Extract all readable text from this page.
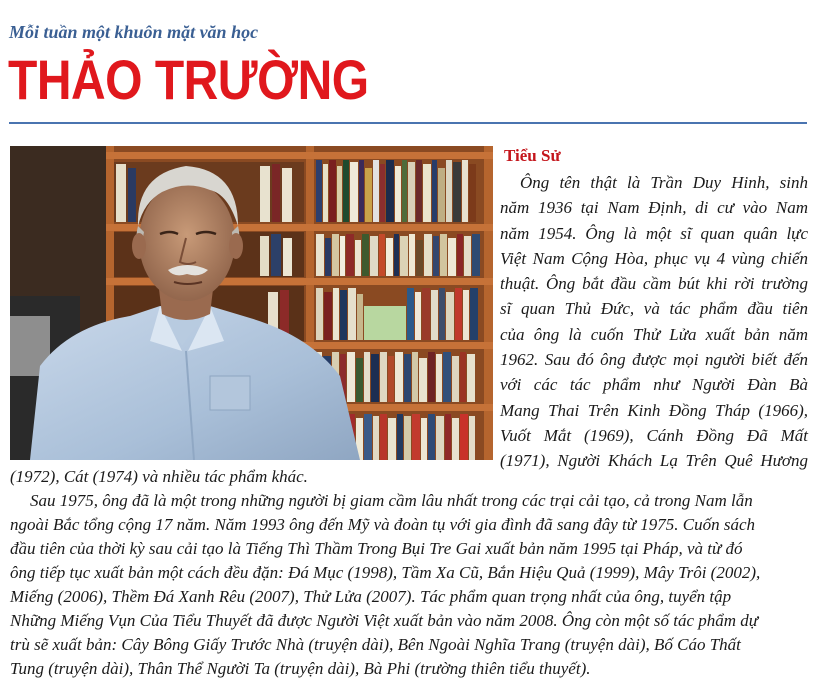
Mỗi tuần một khuôn mặt văn học
THẢO TRƯỜNG
Tiểu Sử
Ông tên thật là Trần Duy Hinh, sinh
năm 1936 tại Nam Định, di cư vào Nam
năm 1954. Ông là một sĩ quan quân lực
Việt Nam Cộng Hòa, phục vụ 4 vùng chiến
thuật. Ông bắt đầu cầm bút khi rời trường
sĩ quan Thủ Đức, và tác phẩm đầu tiên
của ông là cuốn Thử Lửa xuất bản năm
1962. Sau đó ông được mọi người biết đến
với các tác phẩm như Người Đàn Bà
Mang Thai Trên Kinh Đồng Tháp (1966),
Vuốt Mắt (1969), Cánh Đồng Đã Mất
(1971), Người Khách Lạ Trên Quê Hương
(1972), Cát (1974) và nhiều tác phẩm khác.
Sau 1975, ông đã là một trong những người bị giam cầm lâu nhất trong các trại cải tạo, cả trong Nam lẫn
ngoài Bắc tổng cộng 17 năm. Năm 1993 ông đến Mỹ và đoàn tụ với gia đình đã sang đây từ 1975. Cuốn sách
đầu tiên của thời kỳ sau cải tạo là Tiếng Thì Thầm Trong Bụi Tre Gai xuất bản năm 1995 tại Pháp, và từ đó
ông tiếp tục xuất bản một cách đều đặn: Đá Mục (1998), Tầm Xa Cũ, Bắn Hiệu Quả (1999), Mây Trôi (2002),
Miếng (2006), Thềm Đá Xanh Rêu (2007), Thử Lửa (2007). Tác phẩm quan trọng nhất của ông, tuyển tập
Những Miếng Vụn Của Tiểu Thuyết đã được Người Việt xuất bản vào năm 2008. Ông còn một số tác phẩm dự
trù sẽ xuất bản: Cây Bông Giấy Trước Nhà (truyện dài), Bên Ngoài Nghĩa Trang (truyện dài), Bố Cáo Thất
Tung (truyện dài), Thân Thể Người Ta (truyện dài), Bà Phi (trường thiên tiểu thuyết).
